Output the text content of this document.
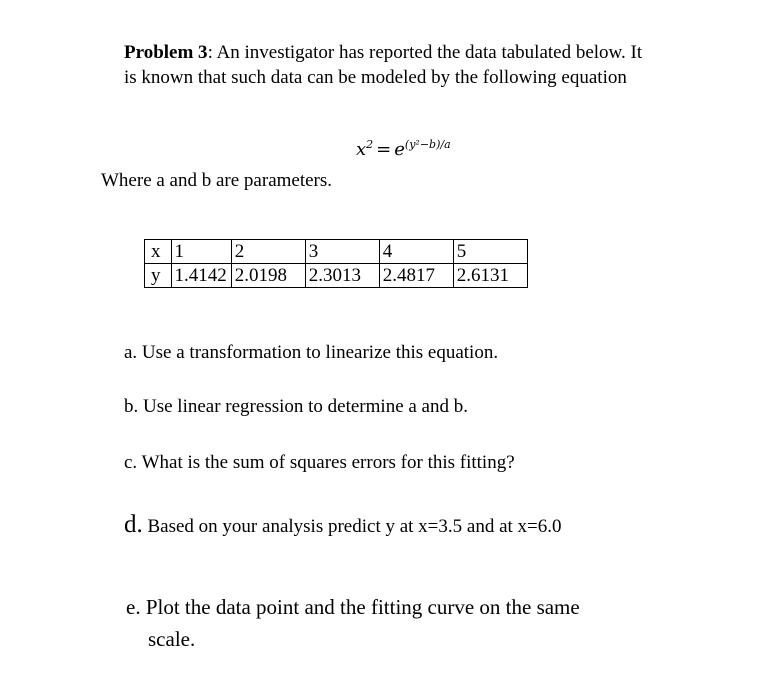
Problem 3: An investigator has reported the data tabulated below. It is known that such data can be modeled by the following equation
$x^2 = e^{(y^2-b)/a}$
Where a and b are parameters.
x	1	2	3	4	5
y	1.4142	2.0198	2.3013	2.4817	2.6131
a. Use a transformation to linearize this equation.
b. Use linear regression to determine a and b.
c. What is the sum of squares errors for this fitting?
d. Based on your analysis predict y at x=3.5 and at x=6.0
e. Plot the data point and the fitting curve on the same
scale.
